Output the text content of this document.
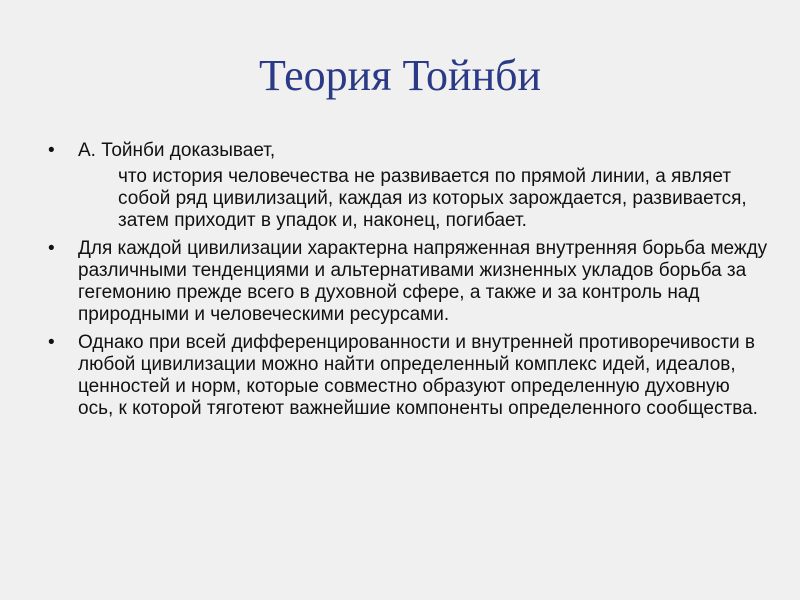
Теория Тойнби
•	А. Тойнби доказывает,
что история человечества не развивается по прямой линии, а являет собой ряд цивилизаций, каждая из которых зарождается, развивается, затем приходит в упадок и, наконец, погибает.
•	Для каждой цивилизации характерна напряженная внутренняя борьба между различными тенденциями и альтернативами жизненных укладов борьба за гегемонию прежде всего в духовной сфере, а также и за контроль над природными и человеческими ресурсами.
•	Однако при всей дифференцированности и внутренней противоречивости в любой цивилизации можно найти определенный комплекс идей, идеалов, ценностей и норм, которые совместно образуют определенную духовную ось, к которой тяготеют важнейшие компоненты определенного сообщества.
